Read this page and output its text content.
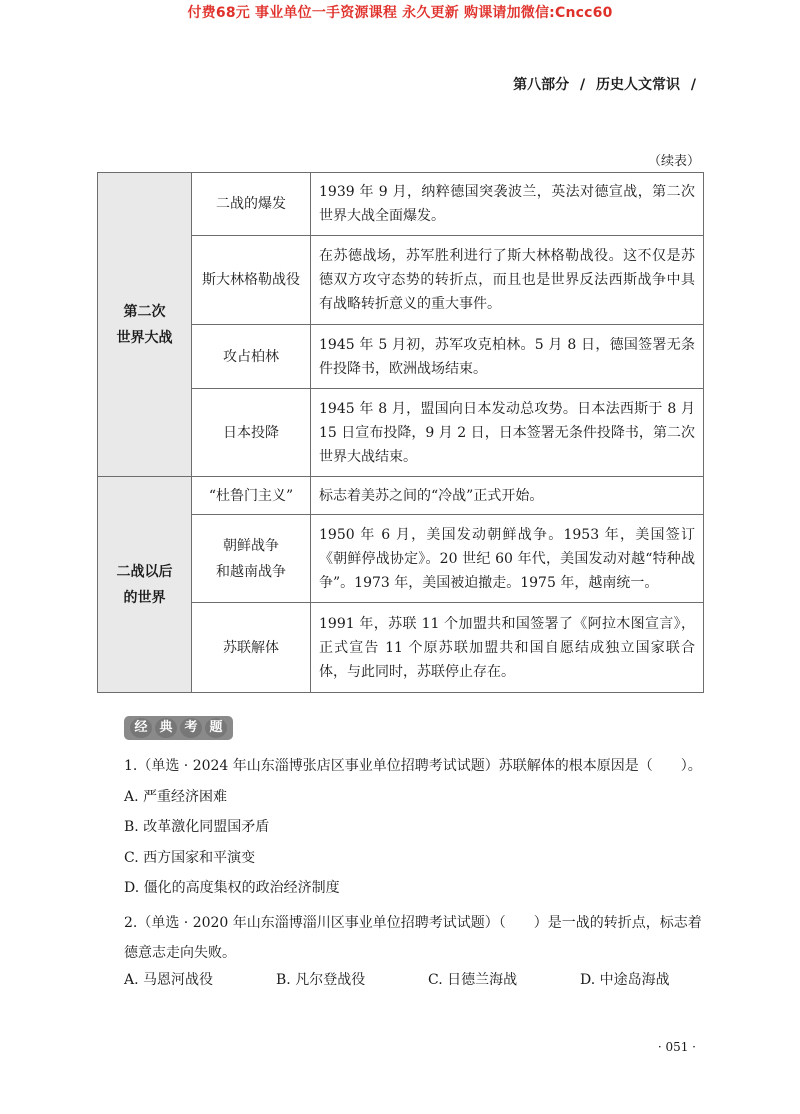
付费68元 事业单位一手资源课程 永久更新 购课请加微信:Cncc60
第八部分 / 历史人文常识 /
（续表）
第二次
世界大战	二战的爆发	1939 年 9 月，纳粹德国突袭波兰，英法对德宣战，第二次世界大战全面爆发。

	斯大林格勒战役	在苏德战场，苏军胜利进行了斯大林格勒战役。这不仅是苏德双方攻守态势的转折点，而且也是世界反法西斯战争中具有战略转折意义的重大事件。

	攻占柏林	1945 年 5 月初，苏军攻克柏林。5 月 8 日，德国签署无条件投降书，欧洲战场结束。

	日本投降	1945 年 8 月，盟国向日本发动总攻势。日本法西斯于 8 月 15 日宣布投降，9 月 2 日，日本签署无条件投降书，第二次世界大战结束。

二战以后
的世界	“杜鲁门主义”	标志着美苏之间的“冷战”正式开始。

	朝鲜战争
和越南战争	1950 年 6 月，美国发动朝鲜战争。1953 年，美国签订《朝鲜停战协定》。20 世纪 60 年代，美国发动对越“特种战争”。1973 年，美国被迫撤走。1975 年，越南统一。

	苏联解体	1991 年，苏联 11 个加盟共和国签署了《阿拉木图宣言》，正式宣告 11 个原苏联加盟共和国自愿结成独立国家联合体，与此同时，苏联停止存在。
经 典 考 题
1.（单选 · 2024 年山东淄博张店区事业单位招聘考试试题）苏联解体的根本原因是（　　）。
A. 严重经济困难
B. 改革激化同盟国矛盾
C. 西方国家和平演变
D. 僵化的高度集权的政治经济制度
2.（单选 · 2020 年山东淄博淄川区事业单位招聘考试试题）（　　）是一战的转折点，标志着德意志走向失败。
A. 马恩河战役	B. 凡尔登战役	C. 日德兰海战	D. 中途岛海战
· 051 ·
